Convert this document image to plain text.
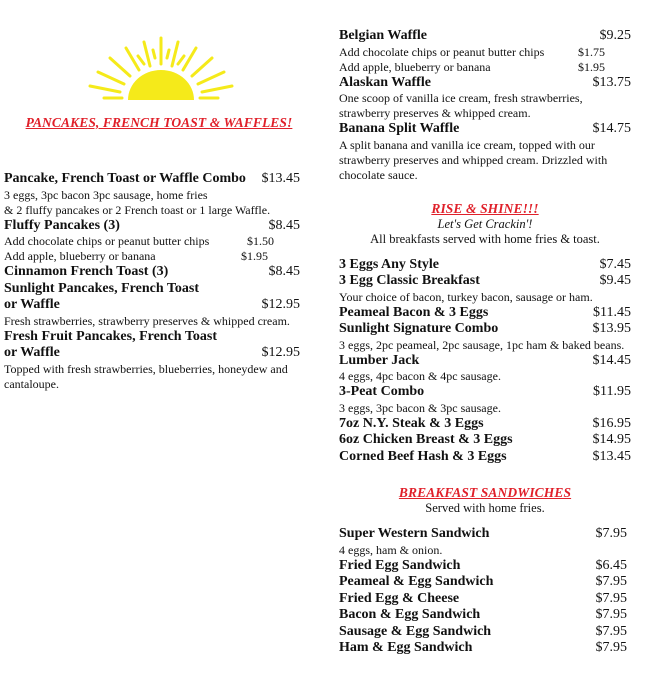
PANCAKES, FRENCH TOAST & WAFFLES!
Pancake, French Toast or Waffle Combo $13.45
3 eggs, 3pc bacon 3pc sausage, home fries
& 2 fluffy pancakes or 2 French toast or 1 large Waffle.
Fluffy Pancakes (3)	$8.45
Add chocolate chips or peanut butter chips	$1.50
Add apple, blueberry or banana	$1.95
Cinnamon French Toast (3)	$8.45
Sunlight Pancakes, French Toast
or Waffle	$12.95
Fresh strawberries, strawberry preserves & whipped cream.
Fresh Fruit Pancakes, French Toast
or Waffle	$12.95
Topped with fresh strawberries, blueberries, honeydew and cantaloupe.
Belgian Waffle	$9.25
Add chocolate chips or peanut butter chips	$1.75
Add apple, blueberry or banana	$1.95
Alaskan Waffle	$13.75
One scoop of vanilla ice cream, fresh strawberries, strawberry preserves & whipped cream.
Banana Split Waffle	$14.75
A split banana and vanilla ice cream, topped with our strawberry preserves and whipped cream. Drizzled with chocolate sauce.
RISE & SHINE!!!
Let's Get Crackin'!
All breakfasts served with home fries & toast.
3 Eggs Any Style	$7.45
3 Egg Classic Breakfast	$9.45
Your choice of bacon, turkey bacon, sausage or ham.
Peameal Bacon & 3 Eggs	$11.45
Sunlight Signature Combo	$13.95
3 eggs, 2pc peameal, 2pc sausage, 1pc ham & baked beans.
Lumber Jack	$14.45
4 eggs, 4pc bacon & 4pc sausage.
3-Peat Combo	$11.95
3 eggs, 3pc bacon & 3pc sausage.
7oz N.Y. Steak & 3 Eggs	$16.95
6oz Chicken Breast & 3 Eggs	$14.95
Corned Beef Hash & 3 Eggs	$13.45
BREAKFAST SANDWICHES
Served with home fries.
Super Western Sandwich	$7.95
4 eggs, ham & onion.
Fried Egg Sandwich	$6.45
Peameal & Egg Sandwich	$7.95
Fried Egg & Cheese	$7.95
Bacon & Egg Sandwich	$7.95
Sausage & Egg Sandwich	$7.95
Ham & Egg Sandwich	$7.95
